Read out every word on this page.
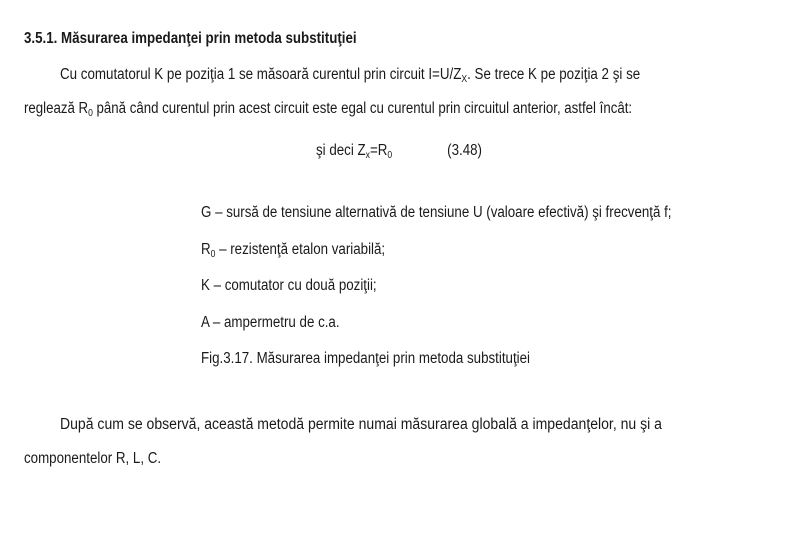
3.5.1. Măsurarea impedanţei prin metoda substituţiei
Cu comutatorul K pe poziţia 1 se măsoară curentul prin circuit $I=U/Z_X$. Se trece K pe poziţia 2 şi se
reglează $R_0$ până când curentul prin acest circuit este egal cu curentul prin circuitul anterior, astfel încât:
şi deci $Z_x=R_0$	(3.48)
G – sursă de tensiune alternativă de tensiune U (valoare efectivă) şi frecvenţă f;
$R_0$ – rezistenţă etalon variabilă;
K – comutator cu două poziţii;
A – ampermetru de c.a.
Fig.3.17. Măsurarea impedanţei prin metoda substituţiei
După cum se observă, această metodă permite numai măsurarea globală a impedanţelor, nu şi a
componentelor R, L, C.
